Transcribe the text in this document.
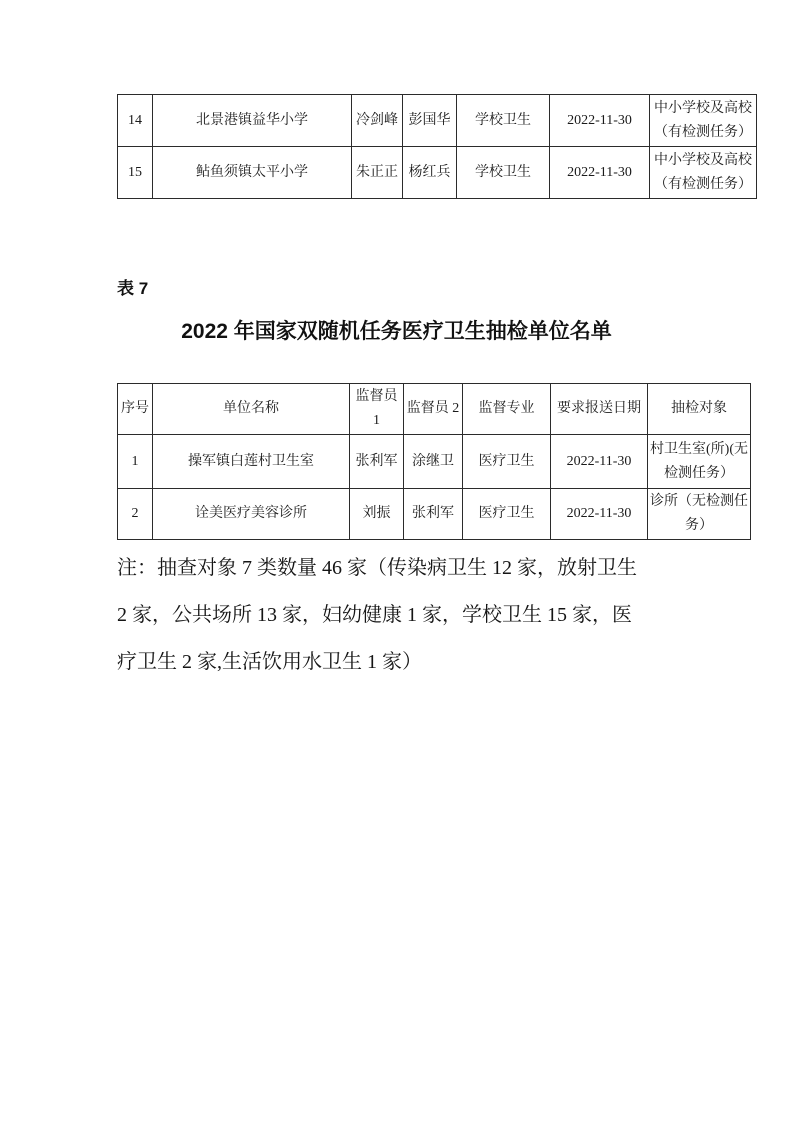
14	北景港镇益华小学	冷剑峰	彭国华	学校卫生	2022-11-30	中小学校及高校（有检测任务）
15	鲇鱼须镇太平小学	朱正正	杨红兵	学校卫生	2022-11-30	中小学校及高校（有检测任务）
表 7
2022 年国家双随机任务医疗卫生抽检单位名单
序号	单位名称	监督员 1	监督员 2	监督专业	要求报送日期	抽检对象
1	操军镇白莲村卫生室	张利军	涂继卫	医疗卫生	2022-11-30	村卫生室(所)(无检测任务）
2	诠美医疗美容诊所	刘振	张利军	医疗卫生	2022-11-30	诊所（无检测任务）
注：抽查对象 7 类数量 46 家（传染病卫生 12 家，放射卫生
2 家，公共场所 13 家，妇幼健康 1 家，学校卫生 15 家，医
疗卫生 2 家,生活饮用水卫生 1 家）
